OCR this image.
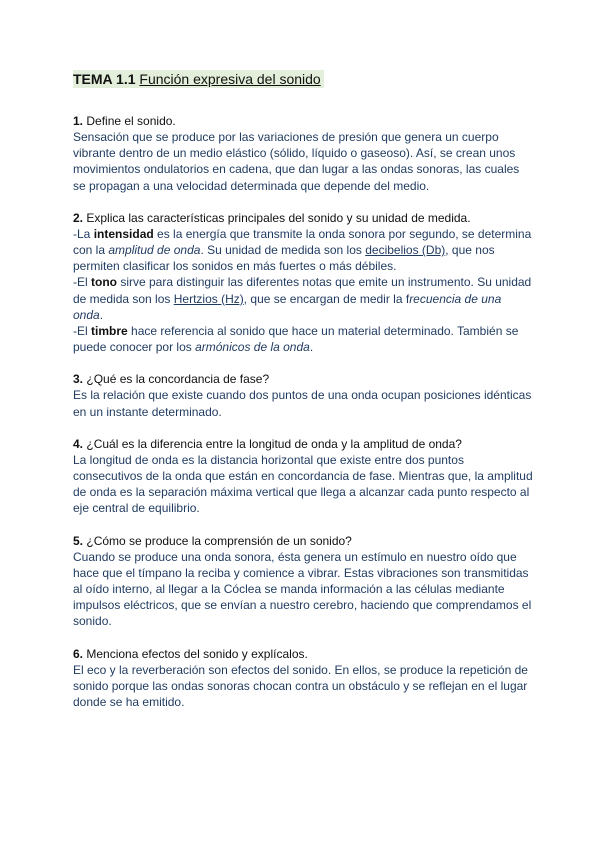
TEMA 1.1 Función expresiva del sonido
1. Define el sonido.
Sensación que se produce por las variaciones de presión que genera un cuerpo vibrante dentro de un medio elástico (sólido, líquido o gaseoso). Así, se crean unos movimientos ondulatorios en cadena, que dan lugar a las ondas sonoras, las cuales se propagan a una velocidad determinada que depende del medio.
2. Explica las características principales del sonido y su unidad de medida.
-La intensidad es la energía que transmite la onda sonora por segundo, se determina con la amplitud de onda. Su unidad de medida son los decibelios (Db), que nos permiten clasificar los sonidos en más fuertes o más débiles.
-El tono sirve para distinguir las diferentes notas que emite un instrumento. Su unidad de medida son los Hertzios (Hz), que se encargan de medir la frecuencia de una onda.
-El timbre hace referencia al sonido que hace un material determinado. También se puede conocer por los armónicos de la onda.
3. ¿Qué es la concordancia de fase?
Es la relación que existe cuando dos puntos de una onda ocupan posiciones idénticas en un instante determinado.
4. ¿Cuál es la diferencia entre la longitud de onda y la amplitud de onda?
La longitud de onda es la distancia horizontal que existe entre dos puntos consecutivos de la onda que están en concordancia de fase. Mientras que, la amplitud de onda es la separación máxima vertical que llega a alcanzar cada punto respecto al eje central de equilibrio.
5. ¿Cómo se produce la comprensión de un sonido?
Cuando se produce una onda sonora, ésta genera un estímulo en nuestro oído que hace que el tímpano la reciba y comience a vibrar. Estas vibraciones son transmitidas al oído interno, al llegar a la Cóclea se manda información a las células mediante impulsos eléctricos, que se envían a nuestro cerebro, haciendo que comprendamos el sonido.
6. Menciona efectos del sonido y explícalos.
El eco y la reverberación son efectos del sonido. En ellos, se produce la repetición de sonido porque las ondas sonoras chocan contra un obstáculo y se reflejan en el lugar donde se ha emitido.
